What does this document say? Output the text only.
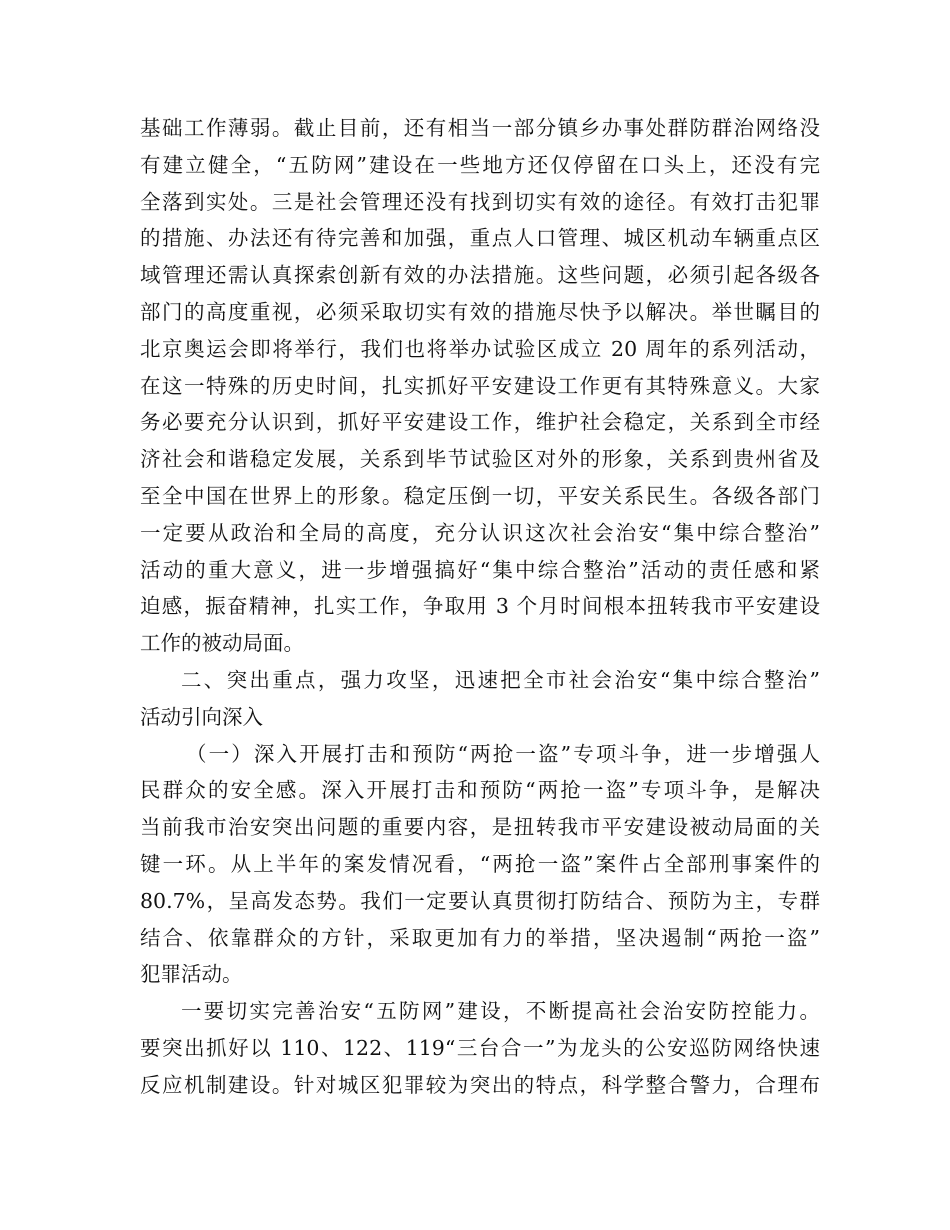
基础工作薄弱。截止目前，还有相当一部分镇乡办事处群防群治网络没
有建立健全，“五防网”建设在一些地方还仅停留在口头上，还没有完
全落到实处。三是社会管理还没有找到切实有效的途径。有效打击犯罪
的措施、办法还有待完善和加强，重点人口管理、城区机动车辆重点区
域管理还需认真探索创新有效的办法措施。这些问题，必须引起各级各
部门的高度重视，必须采取切实有效的措施尽快予以解决。举世瞩目的
北京奥运会即将举行，我们也将举办试验区成立 20 周年的系列活动，
在这一特殊的历史时间，扎实抓好平安建设工作更有其特殊意义。大家
务必要充分认识到，抓好平安建设工作，维护社会稳定，关系到全市经
济社会和谐稳定发展，关系到毕节试验区对外的形象，关系到贵州省及
至全中国在世界上的形象。稳定压倒一切，平安关系民生。各级各部门
一定要从政治和全局的高度，充分认识这次社会治安“集中综合整治”
活动的重大意义，进一步增强搞好“集中综合整治”活动的责任感和紧
迫感，振奋精神，扎实工作，争取用 3 个月时间根本扭转我市平安建设
工作的被动局面。
二、突出重点，强力攻坚，迅速把全市社会治安“集中综合整治”
活动引向深入
（一）深入开展打击和预防“两抢一盗”专项斗争，进一步增强人
民群众的安全感。深入开展打击和预防“两抢一盗”专项斗争，是解决
当前我市治安突出问题的重要内容，是扭转我市平安建设被动局面的关
键一环。从上半年的案发情况看，“两抢一盗”案件占全部刑事案件的
80.7%，呈高发态势。我们一定要认真贯彻打防结合、预防为主，专群
结合、依靠群众的方针，采取更加有力的举措，坚决遏制“两抢一盗”
犯罪活动。
一要切实完善治安“五防网”建设，不断提高社会治安防控能力。
要突出抓好以 110、122、119“三台合一”为龙头的公安巡防网络快速
反应机制建设。针对城区犯罪较为突出的特点，科学整合警力，合理布
